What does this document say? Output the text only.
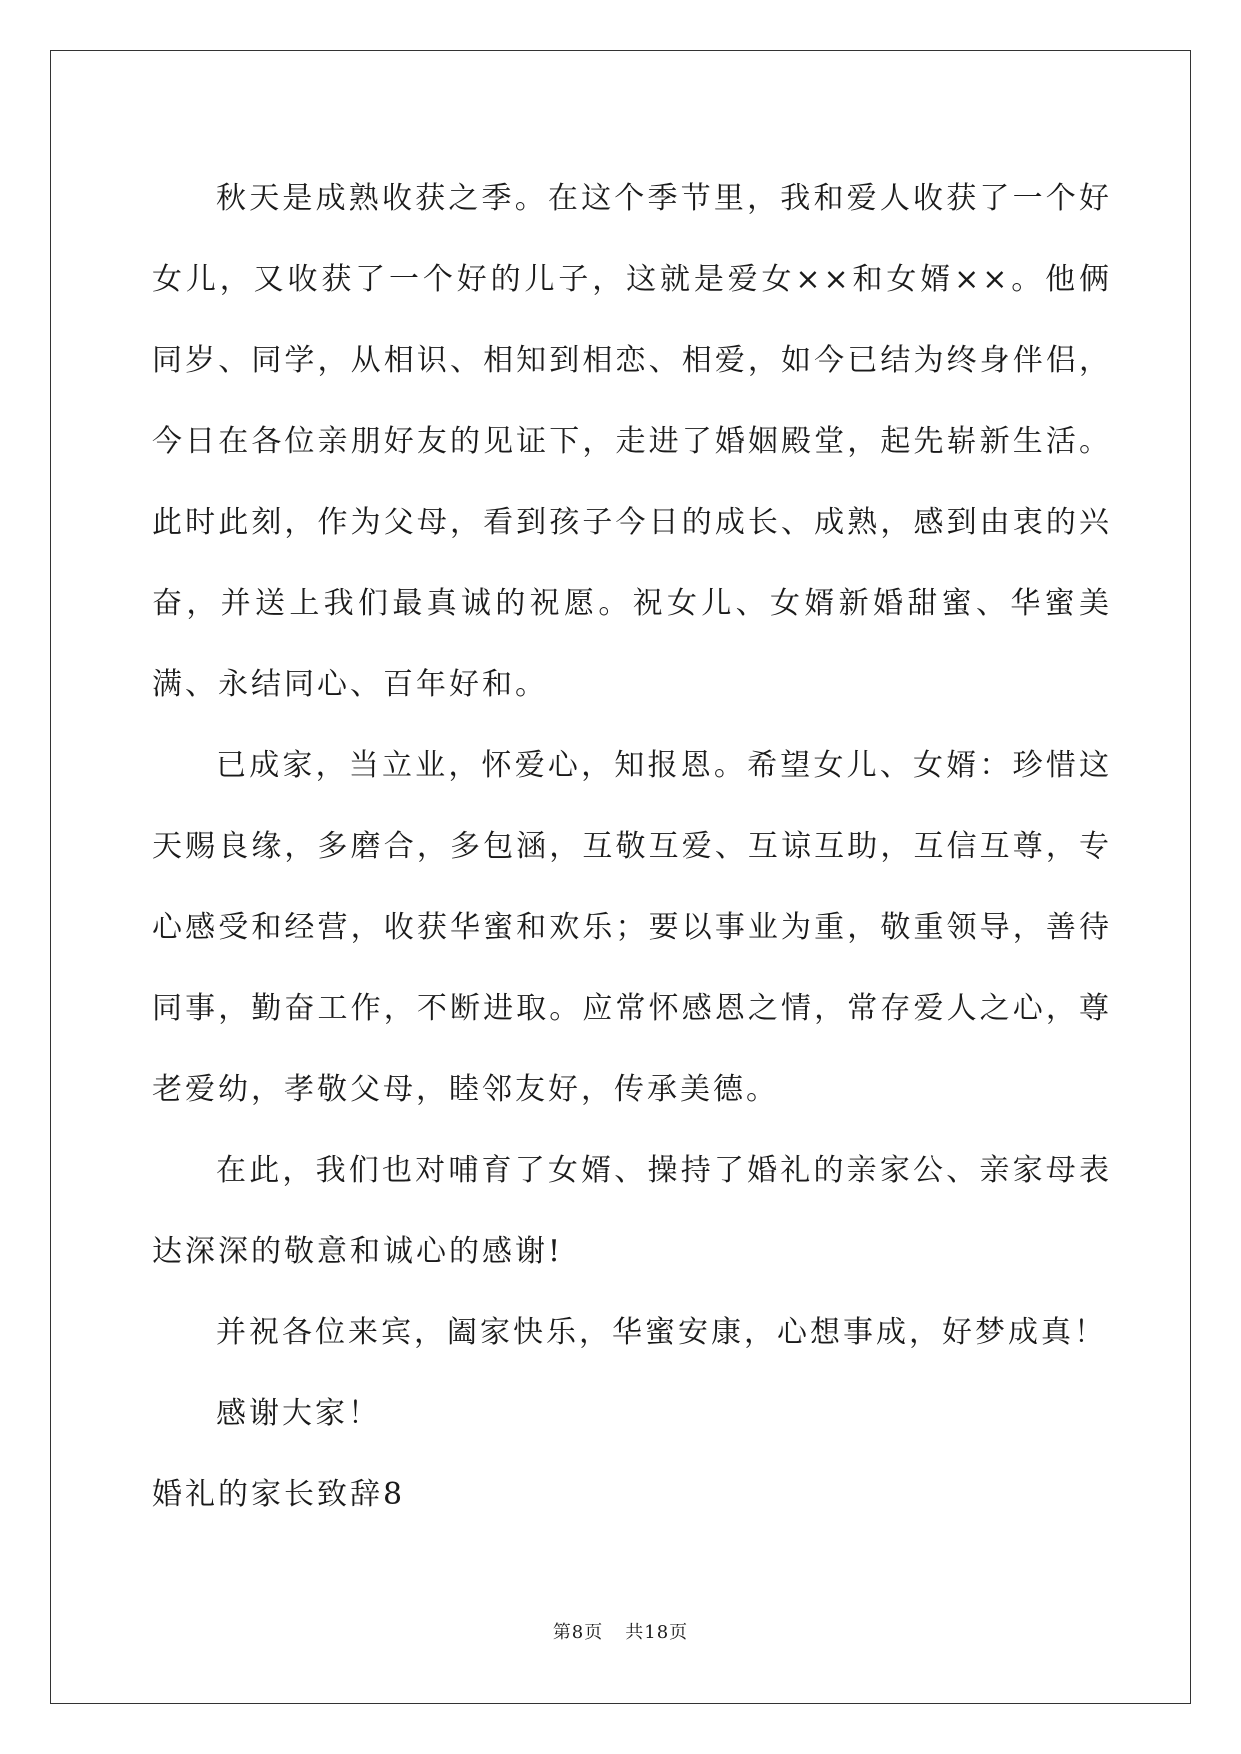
秋天是成熟收获之季。在这个季节里，我和爱人收获了一个好女儿，又收获了一个好的儿子，这就是爱女××和女婿××。他俩同岁、同学，从相识、相知到相恋、相爱，如今已结为终身伴侣，今日在各位亲朋好友的见证下，走进了婚姻殿堂，起先崭新生活。此时此刻，作为父母，看到孩子今日的成长、成熟，感到由衷的兴奋，并送上我们最真诚的祝愿。祝女儿、女婿新婚甜蜜、华蜜美满、永结同心、百年好和。

已成家，当立业，怀爱心，知报恩。希望女儿、女婿：珍惜这天赐良缘，多磨合，多包涵，互敬互爱、互谅互助，互信互尊，专心感受和经营，收获华蜜和欢乐；要以事业为重，敬重领导，善待同事，勤奋工作，不断进取。应常怀感恩之情，常存爱人之心，尊老爱幼，孝敬父母，睦邻友好，传承美德。

在此，我们也对哺育了女婿、操持了婚礼的亲家公、亲家母表达深深的敬意和诚心的感谢!

并祝各位来宾，阖家快乐，华蜜安康，心想事成，好梦成真！

感谢大家！

婚礼的家长致辞8

第8页 共18页
